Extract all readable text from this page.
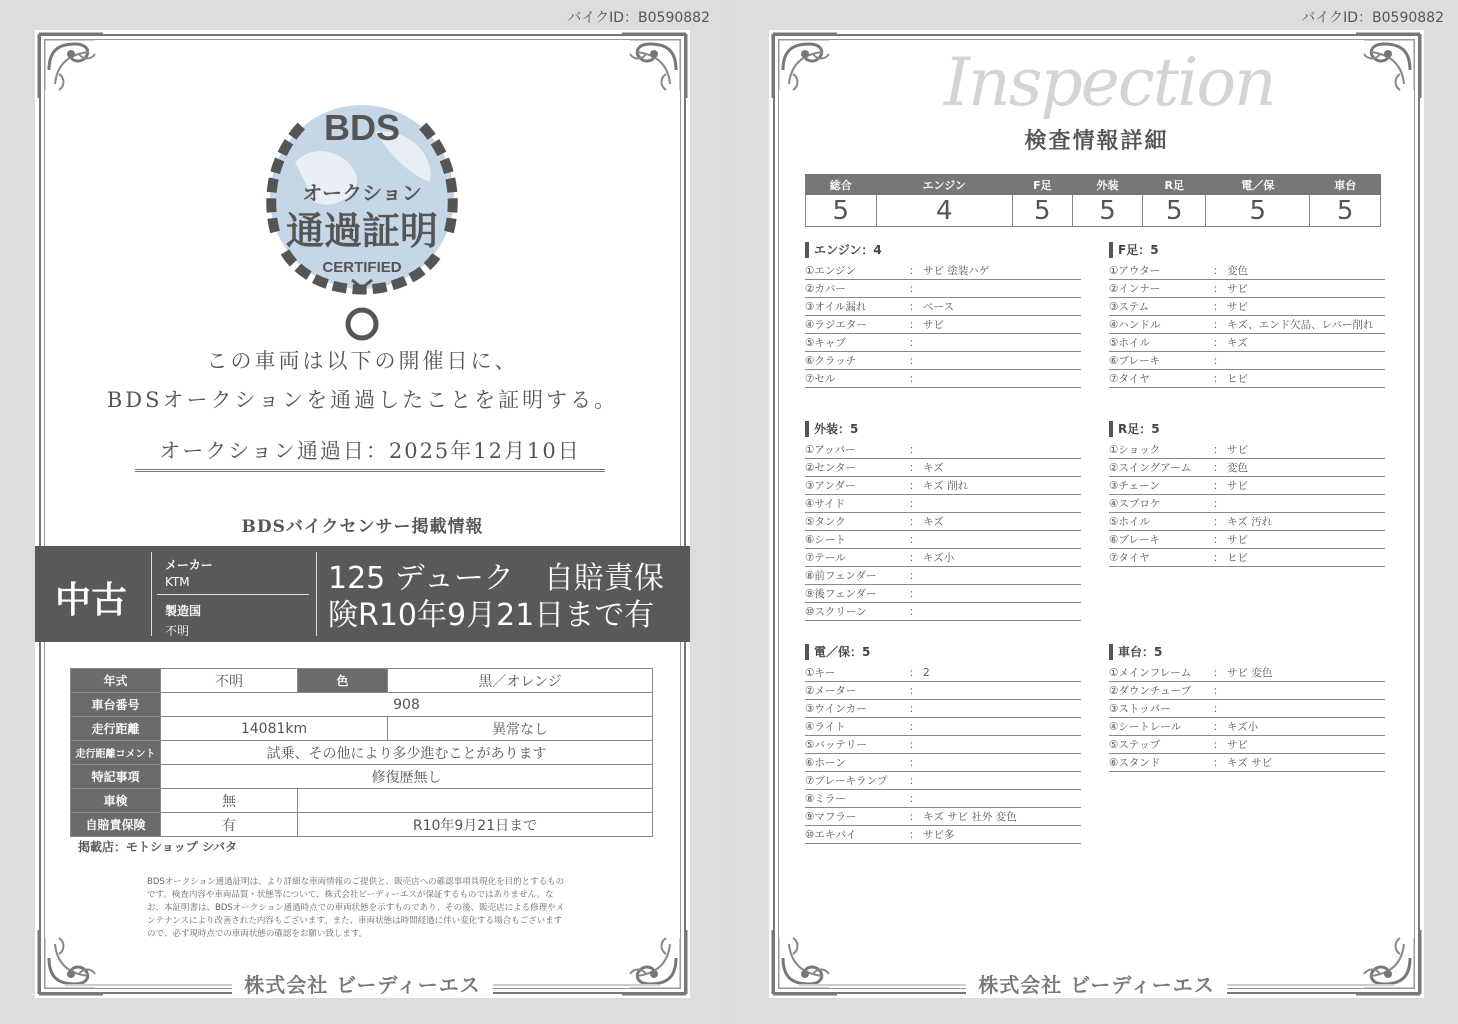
バイクID：B0590882
BDS
オークション
通過証明
CERTIFIED
この車両は以下の開催日に、
BDSオークションを通過したことを証明する。
オークション通過日：2025年12月10日
BDSバイクセンサー掲載情報
中古
メーカー
KTM
製造国
不明
125 デューク　自賠責保険R10年9月21日まで有
年式	不明	色	黒／オレンジ
車台番号	908		
走行距離	14081km		異常なし
走行距離コメント	試乗、その他により多少進むことがあります		
特記事項	修復歴無し		
車検	無		
自賠責保険	有	R10年9月21日まで	
掲載店：モトショップ シバタ
BDSオークション通過証明は、より詳細な車両情報のご提供と、販売店への確認事項具現化を目的とするものです。検査内容や車両品質・状態等について、株式会社ビーディーエスが保証するものではありません。なお、本証明書は、BDSオークション通過時点での車両状態を示すものであり、その後、販売店による修理やメンテナンスにより改善された内容もございます。また、車両状態は時間経過に伴い変化する場合もございますので、必ず現時点での車両状態の確認をお願い致します。
株式会社 ビーディーエス
バイクID：B0590882
Inspection
検査情報詳細
総合	エンジン	F足	外装	R足	電／保	車台
5	4	5	5	5	5	5
エンジン：4
①エンジン	： サビ 塗装ハゲ
②カバー	：
③オイル漏れ	： ベース
④ラジエター	： サビ
⑤キャブ	：
⑥クラッチ	：
⑦セル	：
F足：5
①アウター	： 変色
②インナー	： サビ
③ステム	： サビ
④ハンドル	： キズ、エンド欠品、レバー削れ
⑤ホイル	： キズ
⑥ブレーキ	：
⑦タイヤ	： ヒビ
外装：5
①アッパー	：
②センター	： キズ
③アンダー	： キズ 削れ
④サイド	：
⑤タンク	： キズ
⑥シート	：
⑦テール	： キズ小
⑧前フェンダー	：
⑨後フェンダー	：
⑩スクリーン	：
R足：5
①ショック	： サビ
②スイングアーム	： 変色
③チェーン	： サビ
④スプロケ	：
⑤ホイル	： キズ 汚れ
⑥ブレーキ	： サビ
⑦タイヤ	： ヒビ
電／保：5
①キー	： 2
②メーター	：
③ウインカー	：
④ライト	：
⑤バッテリー	：
⑥ホーン	：
⑦ブレーキランプ	：
⑧ミラー	：
⑨マフラー	： キズ サビ 社外 変色
⑩エキパイ	： サビ多
車台：5
①メインフレーム	： サビ 変色
②ダウンチューブ	：
③ストッパー	：
④シートレール	： キズ小
⑤ステップ	： サビ
⑥スタンド	： キズ サビ
株式会社 ビーディーエス
